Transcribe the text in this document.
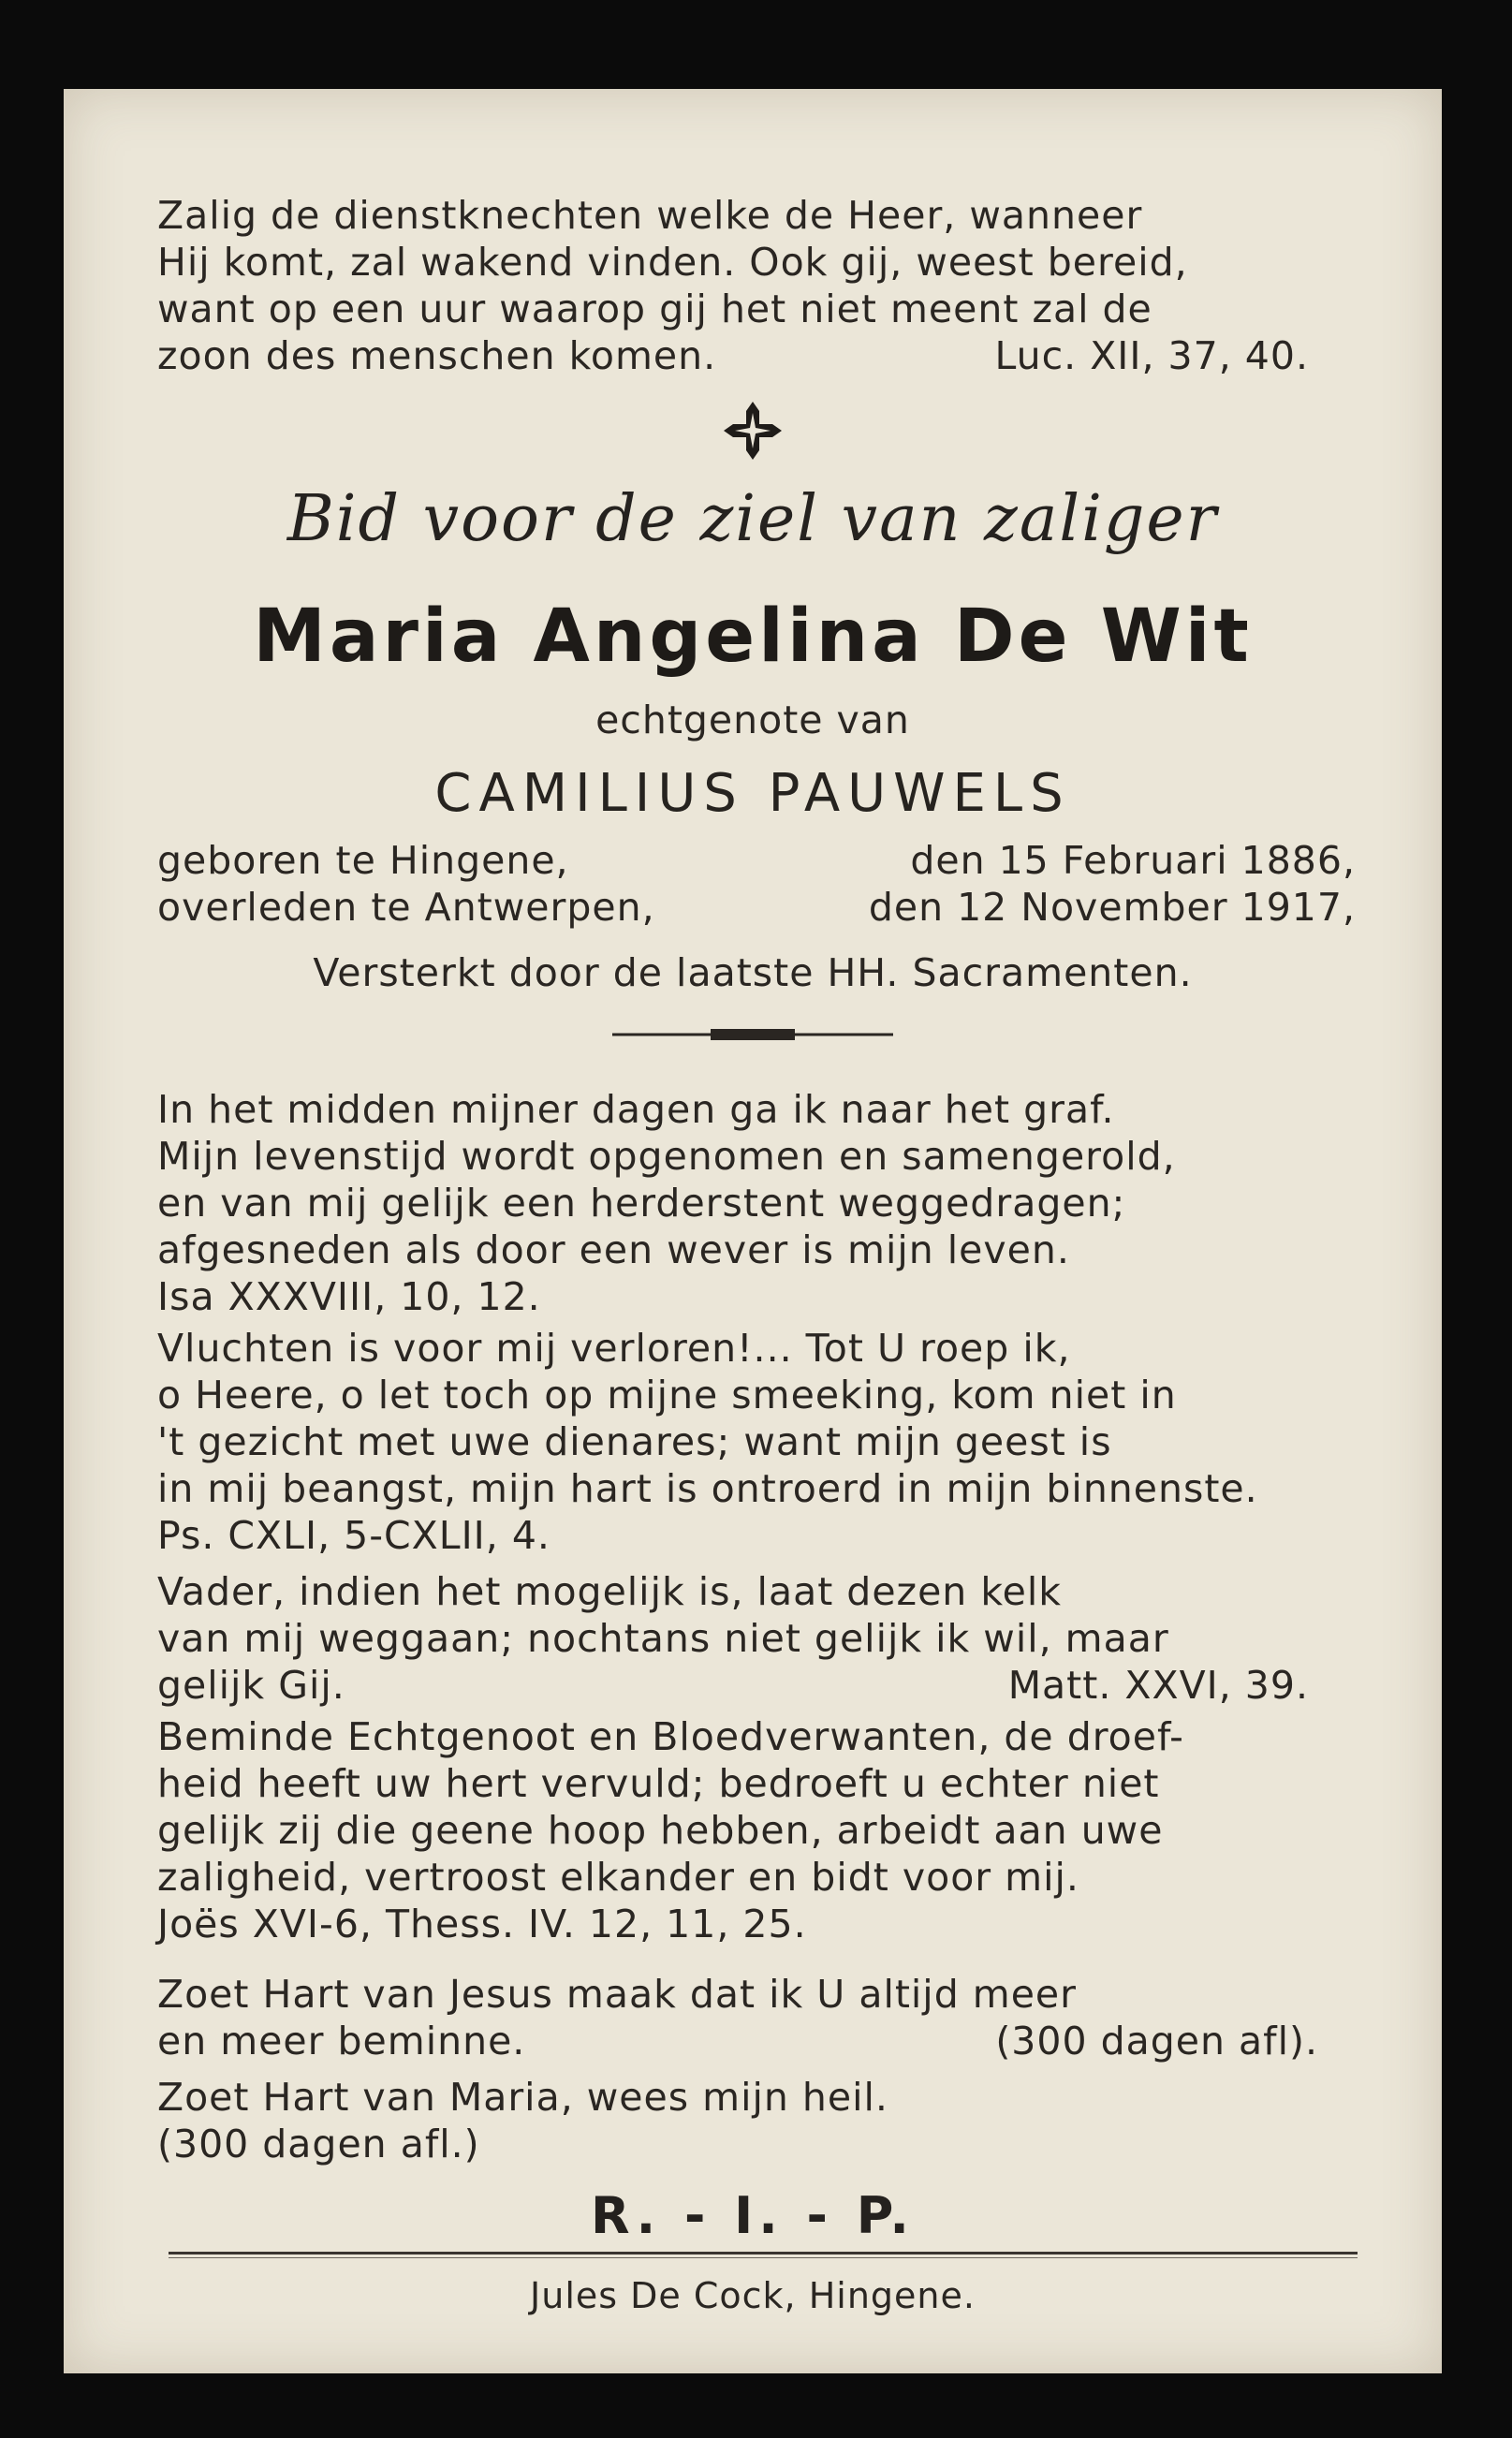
Zalig de dienstknechten welke de Heer, wanneer

Hij komt, zal wakend vinden. Ook gij, weest bereid,

want op een uur waarop gij het niet meent zal de

zoon des menschen komen.	Luc. XII, 37, 40.

Bid voor de ziel van zaliger
Maria Angelina De Wit
echtgenote van
CAMILIUS PAUWELS
geboren te Hingene,	den 15 Februari 1886,
overleden te Antwerpen,	den 12 November 1917,
Versterkt door de laatste HH. Sacramenten.

In het midden mijner dagen ga ik naar het graf.

Mijn levenstijd wordt opgenomen en samengerold,

en van mij gelijk een herderstent weggedragen;

afgesneden als door een wever is mijn leven.

Isa XXXVIII, 10, 12.

Vluchten is voor mij verloren!... Tot U roep ik,

o Heere, o let toch op mijne smeeking, kom niet in

't gezicht met uwe dienares; want mijn geest is

in mij beangst, mijn hart is ontroerd in mijn binnenste.

Ps. CXLI, 5-CXLII, 4.

Vader, indien het mogelijk is, laat dezen kelk

van mij weggaan; nochtans niet gelijk ik wil, maar

gelijk Gij.	Matt. XXVI, 39.

Beminde Echtgenoot en Bloedverwanten, de droef-

heid heeft uw hert vervuld; bedroeft u echter niet

gelijk zij die geene hoop hebben, arbeidt aan uwe

zaligheid, vertroost elkander en bidt voor mij.

Joës XVI-6, Thess. IV. 12, 11, 25.

Zoet Hart van Jesus maak dat ik U altijd meer

en meer beminne.	(300 dagen afl).

Zoet Hart van Maria, wees mijn heil.

(300 dagen afl.)

R. - I. - P.
Jules De Cock, Hingene.
